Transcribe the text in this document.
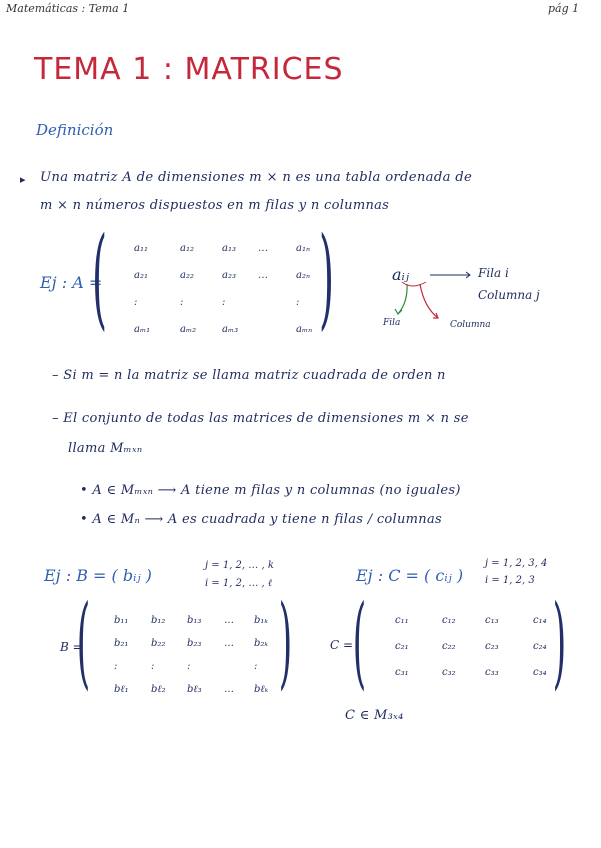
Matemáticas : Tema 1	pág 1
TEMA 1 : MATRICES
Definición
▸ Una matriz A de dimensiones m × n es una tabla ordenada de
m × n números dispuestos en m filas y n columnas
Ej : A =
( )
a₁₁	a₁₂	a₁₃ …	a₁ₙ
a₂₁	a₂₂	a₂₃ …	a₂ₙ
:	:	:	:
aₘ₁	aₘ₂	aₘ₃	aₘₙ
aᵢⱼ	Fila i
Columna j
Fila	Columna
– Si m = n la matriz se llama matriz cuadrada de orden n
– El conjunto de todas las matrices de dimensiones m × n se
llama Mₘₓₙ
• A ∈ Mₘₓₙ ⟶ A tiene m filas y n columnas (no iguales)
• A ∈ Mₙ ⟶ A es cuadrada y tiene n filas / columnas
Ej : B = ( bᵢⱼ )
j = 1, 2, … , k
i = 1, 2, … , ℓ
B =
( )
b₁₁ b₁₂ b₁₃ … b₁ₖ
b₂₁ b₂₂ b₂₃ … b₂ₖ
:	:	:	:
bℓ₁ bℓ₂ bℓ₃ … bℓₖ
Ej : C = ( cᵢⱼ )
j = 1, 2, 3, 4
i = 1, 2, 3
C = ( )
c₁₁	c₁₂	c₁₃	c₁₄
c₂₁	c₂₂	c₂₃	c₂₄
c₃₁	c₃₂	c₃₃	c₃₄
C ∈ M₃ₓ₄
